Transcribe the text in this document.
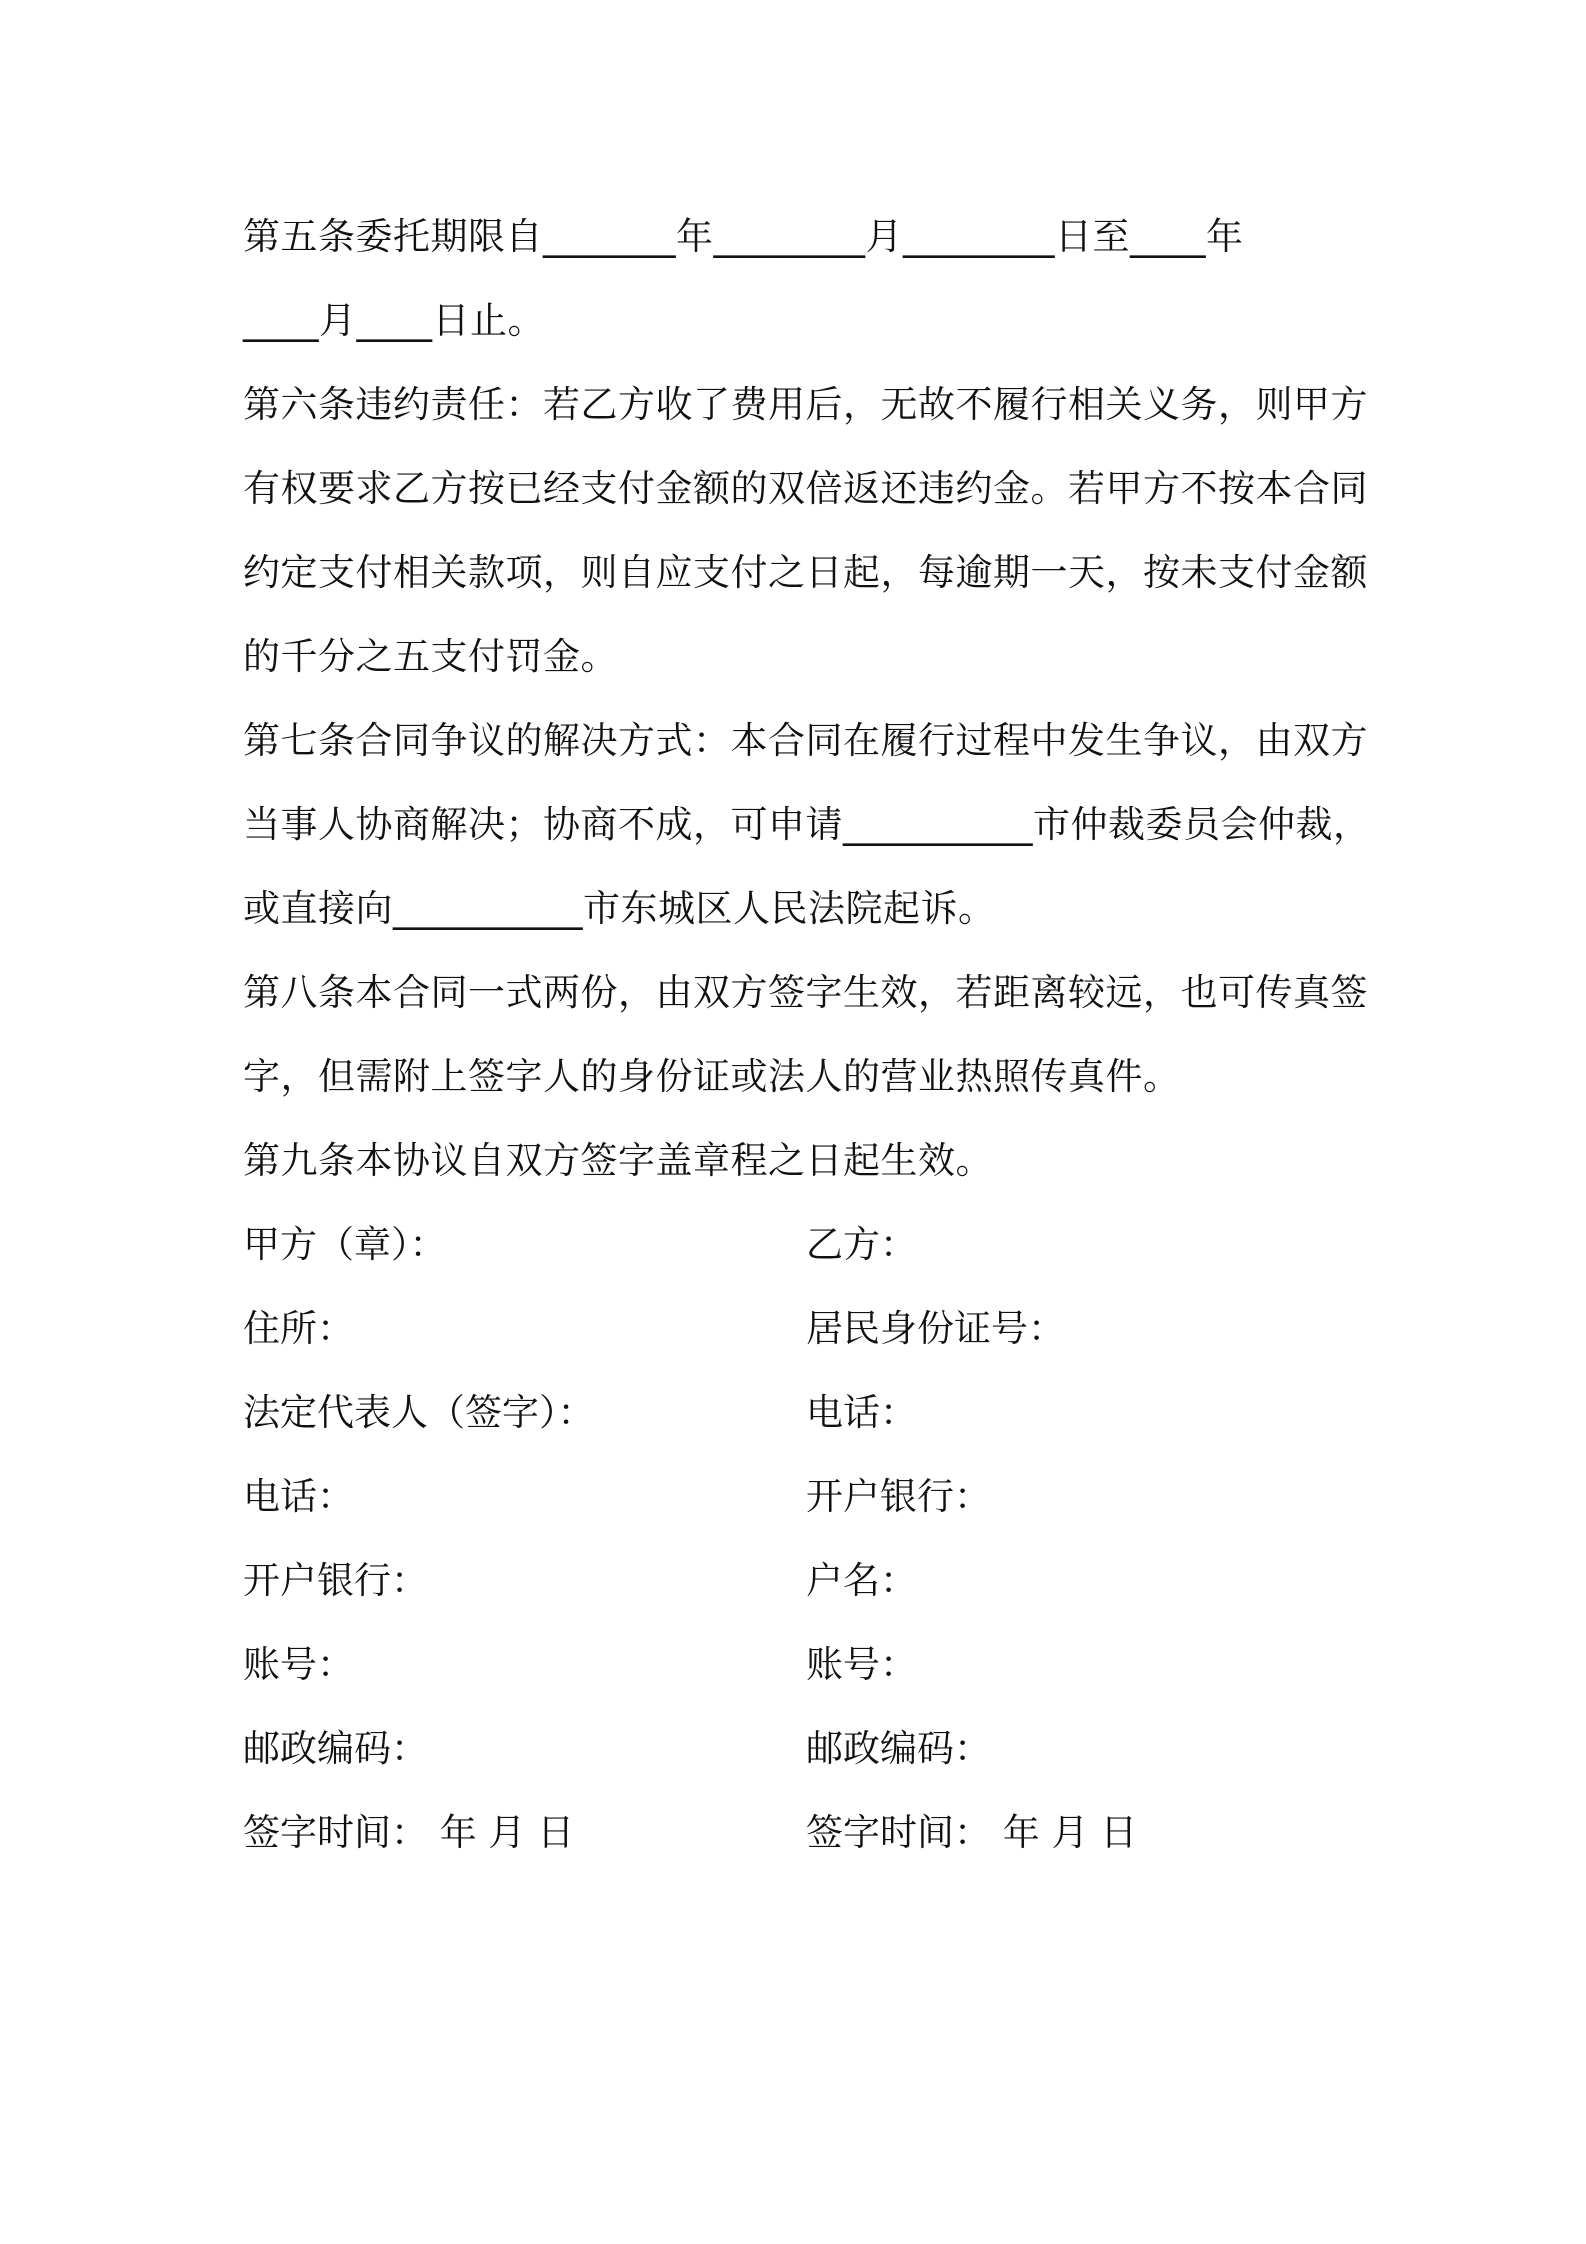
第五条委托期限自_______年________月________日至____年
____月____日止。
第六条违约责任：若乙方收了费用后，无故不履行相关义务，则甲方
有权要求乙方按已经支付金额的双倍返还违约金。若甲方不按本合同
约定支付相关款项，则自应支付之日起，每逾期一天，按未支付金额
的千分之五支付罚金。
第七条合同争议的解决方式：本合同在履行过程中发生争议，由双方
当事人协商解决；协商不成，可申请__________市仲裁委员会仲裁，
或直接向__________市东城区人民法院起诉。
第八条本合同一式两份，由双方签字生效，若距离较远，也可传真签
字，但需附上签字人的身份证或法人的营业热照传真件。
第九条本协议自双方签字盖章程之日起生效。
甲方（章）：	乙方：
住所：	居民身份证号：
法定代表人（签字）：	电话：
电话：	开户银行：
开户银行：	户名：
账号：	账号：
邮政编码：	邮政编码：
签字时间： 年 月 日	签字时间： 年 月 日
